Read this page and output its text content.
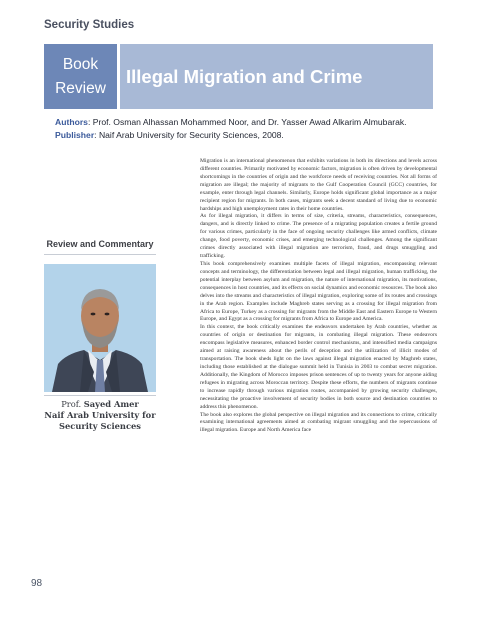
Security Studies
Book
Review
Illegal Migration and Crime
Authors: Prof. Osman Alhassan Mohammed Noor, and Dr. Yasser Awad Alkarim Almubarak.
Publisher: Naif Arab University for Security Sciences, 2008.
Review and Commentary
Prof. Sayed Amer
Naif Arab University for Security Sciences

Migration is an international phenomenon that exhibits variations in both its directions and levels across different countries. Primarily motivated by economic factors, migration is often driven by developmental shortcomings in the countries of origin and the workforce needs of receiving countries. Not all forms of migration are illegal; the majority of migrants to the Gulf Cooperation Council (GCC) countries, for example, enter through legal channels. Similarly, Europe holds significant global importance as a major recipient region for migrants. In both cases, migrants seek a decent standard of living due to economic hardships and high unemployment rates in their home countries.

As for illegal migration, it differs in terms of size, criteria, streams, characteristics, consequences, dangers, and is directly linked to crime. The presence of a migrating population creates a fertile ground for various crimes, particularly in the face of ongoing security challenges like armed conflicts, climate change, food poverty, economic crises, and emerging technological challenges. Among the significant crimes directly associated with illegal migration are terrorism, fraud, and drugs smuggling and trafficking.

This book comprehensively examines multiple facets of illegal migration, encompassing relevant concepts and terminology, the differentiation between legal and illegal migration, human trafficking, the potential interplay between asylum and migration, the nature of international migration, its motivations, consequences in host countries, and its effects on social dynamics and economic resources. The book also delves into the streams and characteristics of illegal migration, exploring some of its routes and crossings in the Arab region. Examples include Maghreb states serving as a crossing for illegal migration from Africa to Europe, Turkey as a crossing for migrants from the Middle East and Eastern Europe to Western Europe, and Egypt as a crossing for migrants from Africa to Europe and America.

In this context, the book critically examines the endeavors undertaken by Arab countries, whether as countries of origin or destination for migrants, in combating illegal migration. These endeavors encompass legislative measures, enhanced border control mechanisms, and intensified media campaigns aimed at raising awareness about the perils of deception and the utilization of illicit modes of transportation. The book sheds light on the laws against illegal migration enacted by Maghreb states, including those established at the dialogue summit held in Tunisia in 2003 to combat secret migration. Additionally, the Kingdom of Morocco imposes prison sentences of up to twenty years for anyone aiding refugees in migrating across Moroccan territory. Despite these efforts, the numbers of migrants continue to increase rapidly through various migration routes, accompanied by growing security challenges, necessitating the proactive involvement of security bodies in both source and destination countries to address this phenomenon.

The book also explores the global perspective on illegal migration and its connections to crime, critically examining international agreements aimed at combating migrant smuggling and the repercussions of illegal migration. Europe and North America face

98
